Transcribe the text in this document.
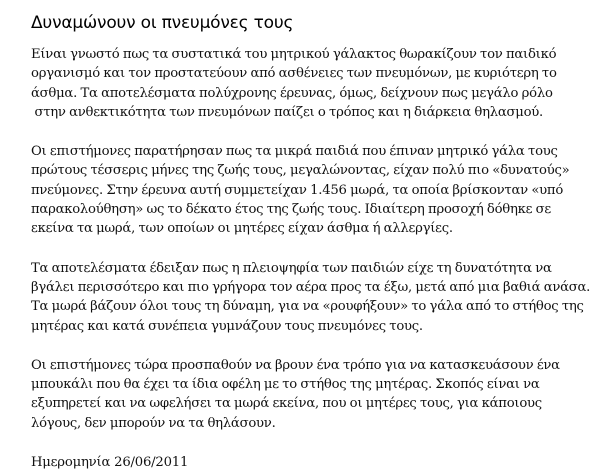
Δυναμώνουν οι πνευμόνες τους

Είναι γνωστό πως τα συστατικά του μητρικού γάλακτος θωρακίζουν τον παιδικό
οργανισμό και τον προστατεύουν από ασθένειες των πνευμόνων, με κυριότερη το
άσθμα. Τα αποτελέσματα πολύχρονης έρευνας, όμως, δείχνουν πως μεγάλο ρόλο
στην ανθεκτικότητα των πνευμόνων παίζει ο τρόπος και η διάρκεια θηλασμού.

Οι επιστήμονες παρατήρησαν πως τα μικρά παιδιά που έπιναν μητρικό γάλα τους
πρώτους τέσσερις μήνες της ζωής τους, μεγαλώνοντας, είχαν πολύ πιο «δυνατούς»
πνεύμονες. Στην έρευνα αυτή συμμετείχαν 1.456 μωρά, τα οποία βρίσκονταν «υπό
παρακολούθηση» ως το δέκατο έτος της ζωής τους. Ιδιαίτερη προσοχή δόθηκε σε
εκείνα τα μωρά, των οποίων οι μητέρες είχαν άσθμα ή αλλεργίες.

Τα αποτελέσματα έδειξαν πως η πλειοψηφία των παιδιών είχε τη δυνατότητα να
βγάλει περισσότερο και πιο γρήγορα τον αέρα προς τα έξω, μετά από μια βαθιά ανάσα.
Τα μωρά βάζουν όλοι τους τη δύναμη, για να «ρουφήξουν» το γάλα από το στήθος της
μητέρας και κατά συνέπεια γυμνάζουν τους πνευμόνες τους.

Οι επιστήμονες τώρα προσπαθούν να βρουν ένα τρόπο για να κατασκευάσουν ένα
μπουκάλι που θα έχει τα ίδια οφέλη με το στήθος της μητέρας. Σκοπός είναι να
εξυπηρετεί και να ωφελήσει τα μωρά εκείνα, που οι μητέρες τους, για κάποιους
λόγους, δεν μπορούν να τα θηλάσουν.

Ημερομηνία 26/06/2011
